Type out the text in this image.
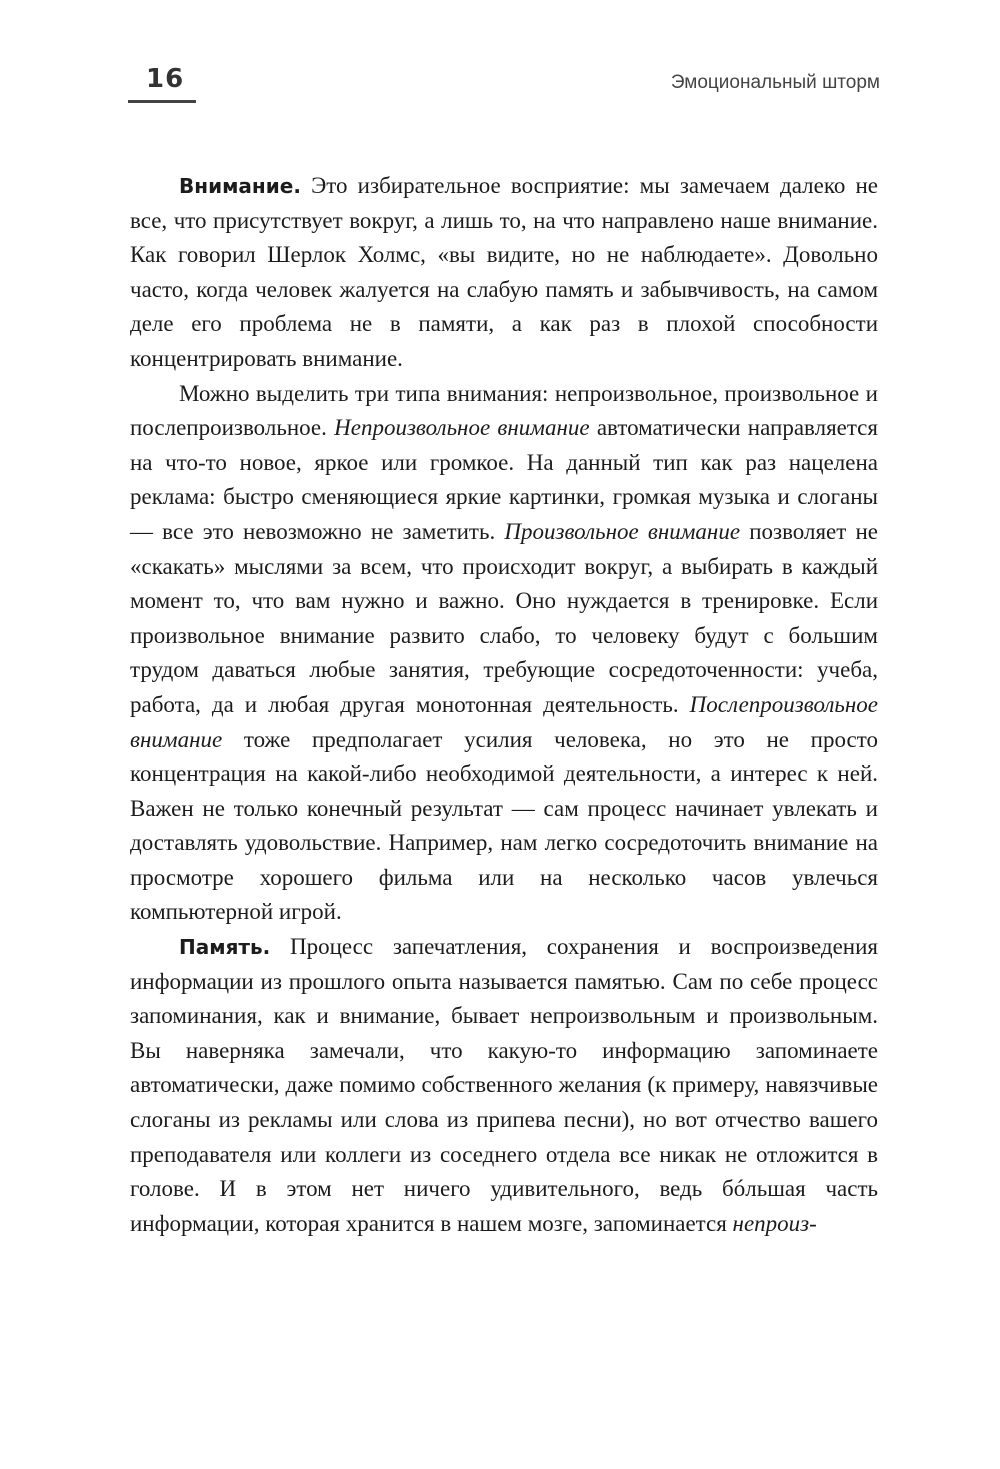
16	Эмоциональный шторм

Внимание. Это избирательное восприятие: мы замечаем далеко не все, что присутствует вокруг, а лишь то, на что направлено наше внимание. Как говорил Шерлок Холмс, «вы видите, но не наблюдаете». Довольно часто, когда человек жалуется на слабую память и забывчивость, на самом деле его проблема не в памяти, а как раз в плохой способности концентрировать внимание.

Можно выделить три типа внимания: непроизвольное, произвольное и послепроизвольное. Непроизвольное внимание автоматически направляется на что-то новое, яркое или громкое. На данный тип как раз нацелена реклама: быстро сменяющиеся яркие картинки, громкая музыка и слоганы — все это невозможно не заметить. Произвольное внимание позволяет не «скакать» мыслями за всем, что происходит вокруг, а выбирать в каждый момент то, что вам нужно и важно. Оно нуждается в тренировке. Если произвольное внимание развито слабо, то человеку будут с большим трудом даваться любые занятия, требующие сосредоточенности: учеба, работа, да и любая другая монотонная деятельность. Послепроизвольное внимание тоже предполагает усилия человека, но это не просто концентрация на какой-либо необходимой деятельности, а интерес к ней. Важен не только конечный результат — сам процесс начинает увлекать и доставлять удовольствие. Например, нам легко сосредоточить внимание на просмотре хорошего фильма или на несколько часов увлечься компьютерной игрой.

Память. Процесс запечатления, сохранения и воспроизведения информации из прошлого опыта называется памятью. Сам по себе процесс запоминания, как и внимание, бывает непроизвольным и произвольным. Вы наверняка замечали, что какую-то информацию запоминаете автоматически, даже помимо собственного желания (к примеру, навязчивые слоганы из рекламы или слова из припева песни), но вот отчество вашего преподавателя или коллеги из соседнего отдела все никак не отложится в голове. И в этом нет ничего удивительного, ведь бóльшая часть информации, которая хранится в нашем мозге, запоминается непроиз-
